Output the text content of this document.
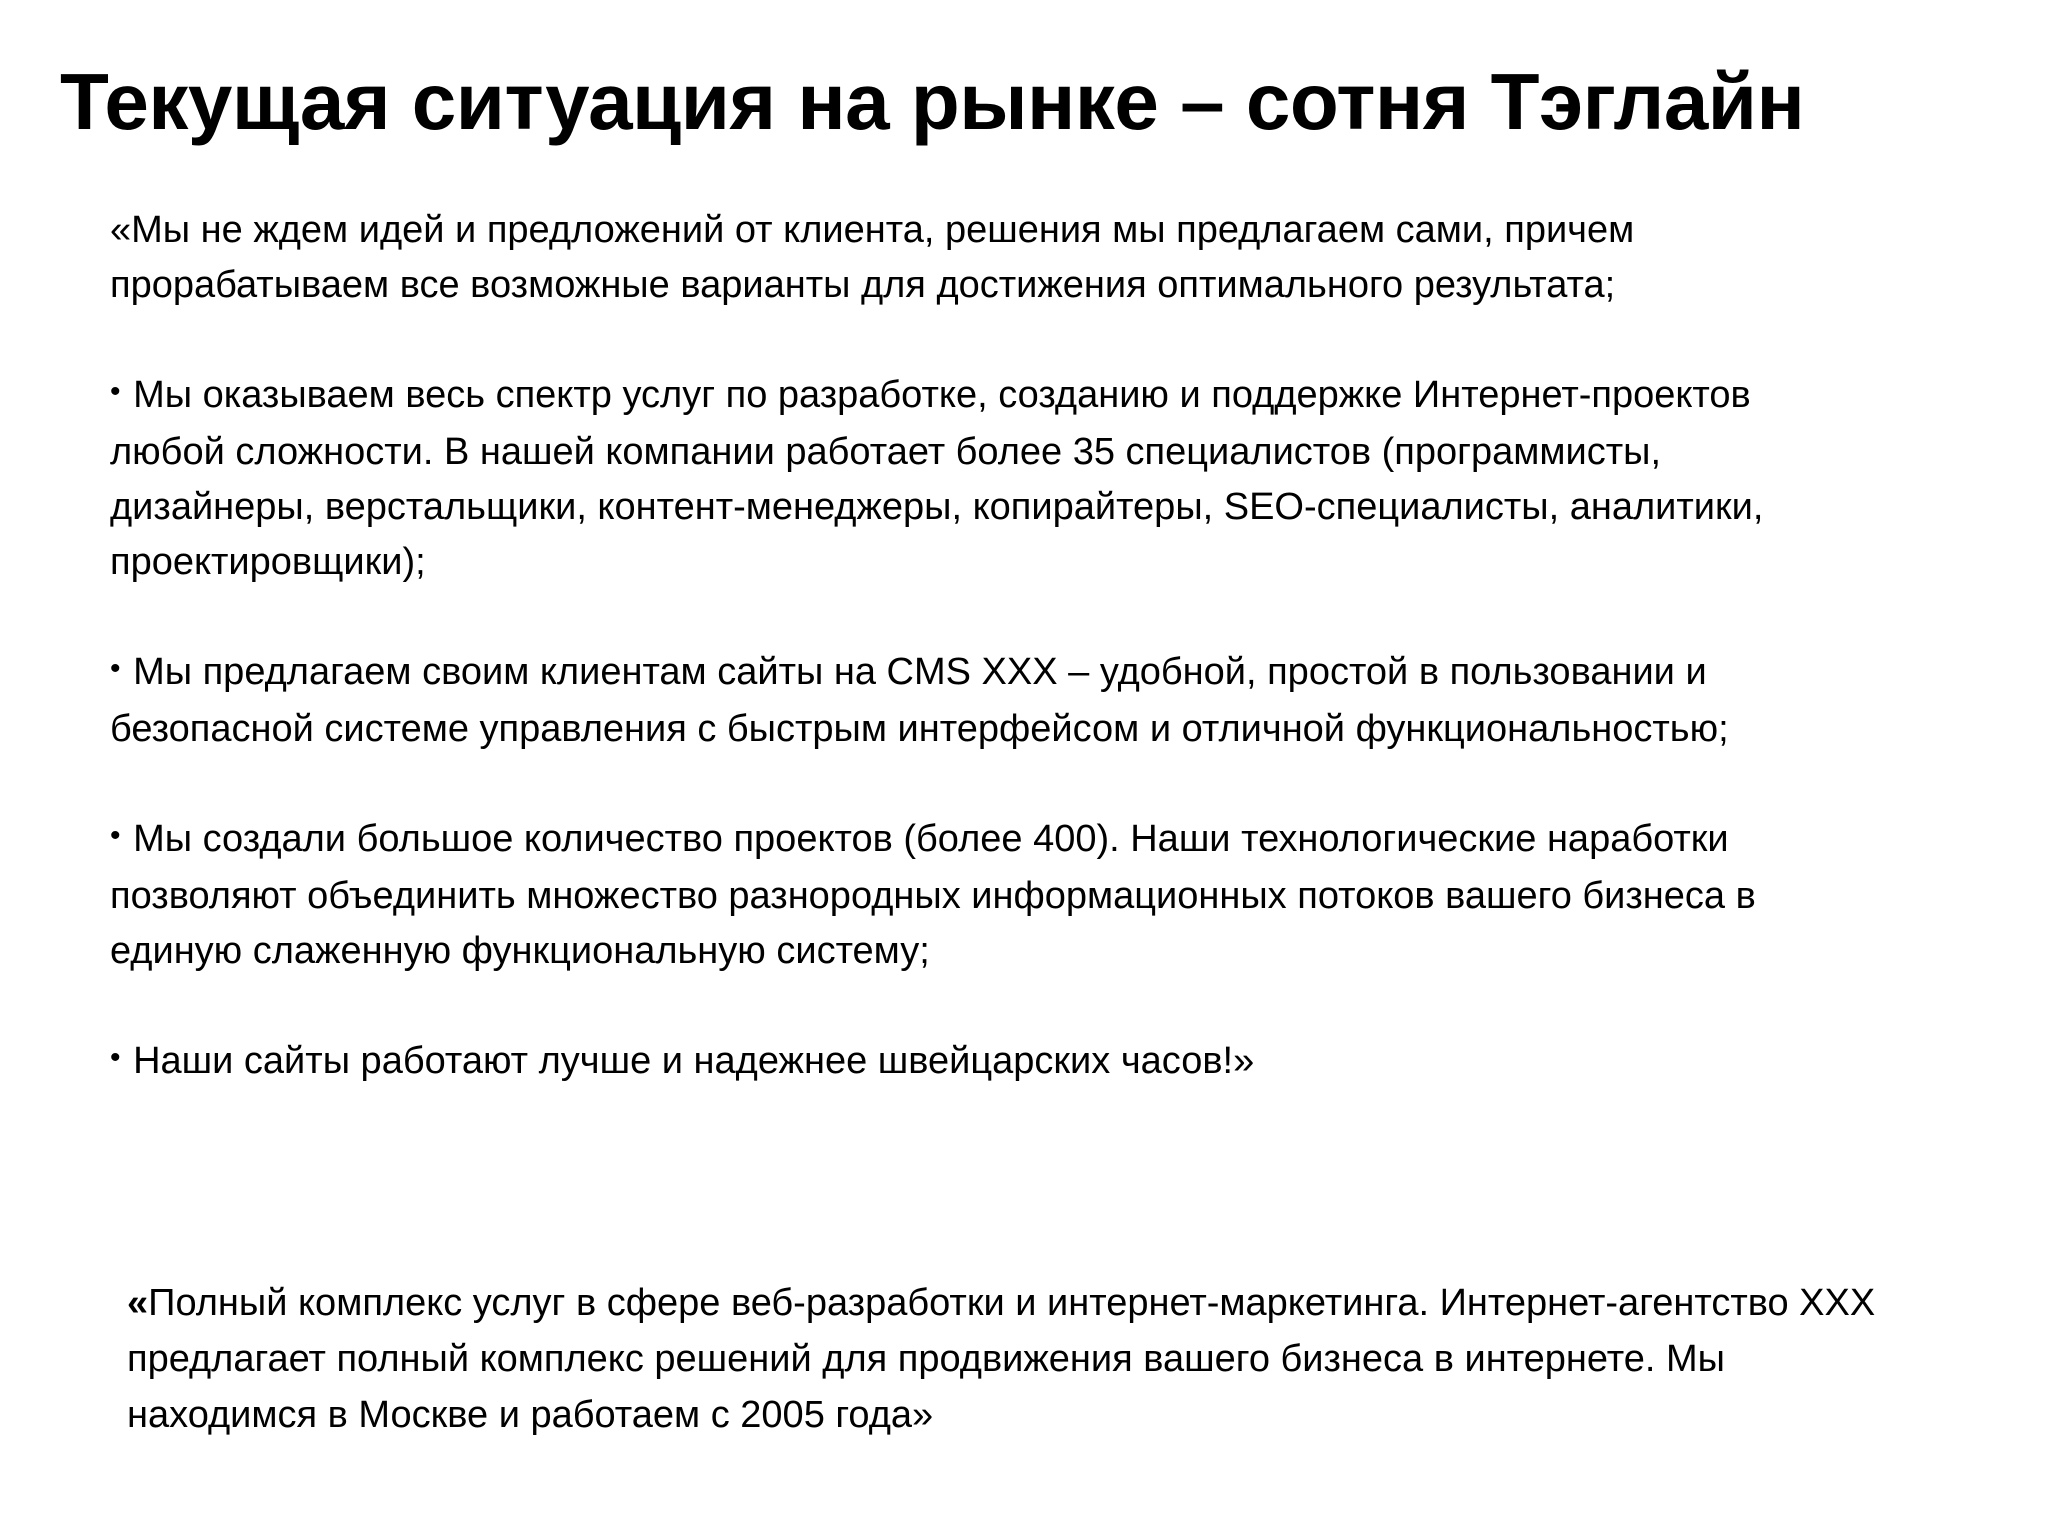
Текущая ситуация на рынке – сотня Тэглайн

«Мы не ждем идей и предложений от клиента, решения мы предлагаем сами, причем прорабатываем все возможные варианты для достижения оптимального результата;

• Мы оказываем весь спектр услуг по разработке, созданию и поддержке Интернет-проектов любой сложности. В нашей компании работает более 35 специалистов (программисты, дизайнеры, верстальщики, контент-менеджеры, копирайтеры, SEO-специалисты, аналитики, проектировщики);

• Мы предлагаем своим клиентам сайты на CMS XXX – удобной, простой в пользовании и безопасной системе управления с быстрым интерфейсом и отличной функциональностью;

• Мы создали большое количество проектов (более 400). Наши технологические наработки позволяют объединить множество разнородных информационных потоков вашего бизнеса в единую слаженную функциональную систему;

• Наши сайты работают лучше и надежнее швейцарских часов!»

«Полный комплекс услуг в сфере веб-разработки и интернет-маркетинга. Интернет-агентство XXX предлагает полный комплекс решений для продвижения вашего бизнеса в интернете. Мы находимся в Москве и работаем с 2005 года»
